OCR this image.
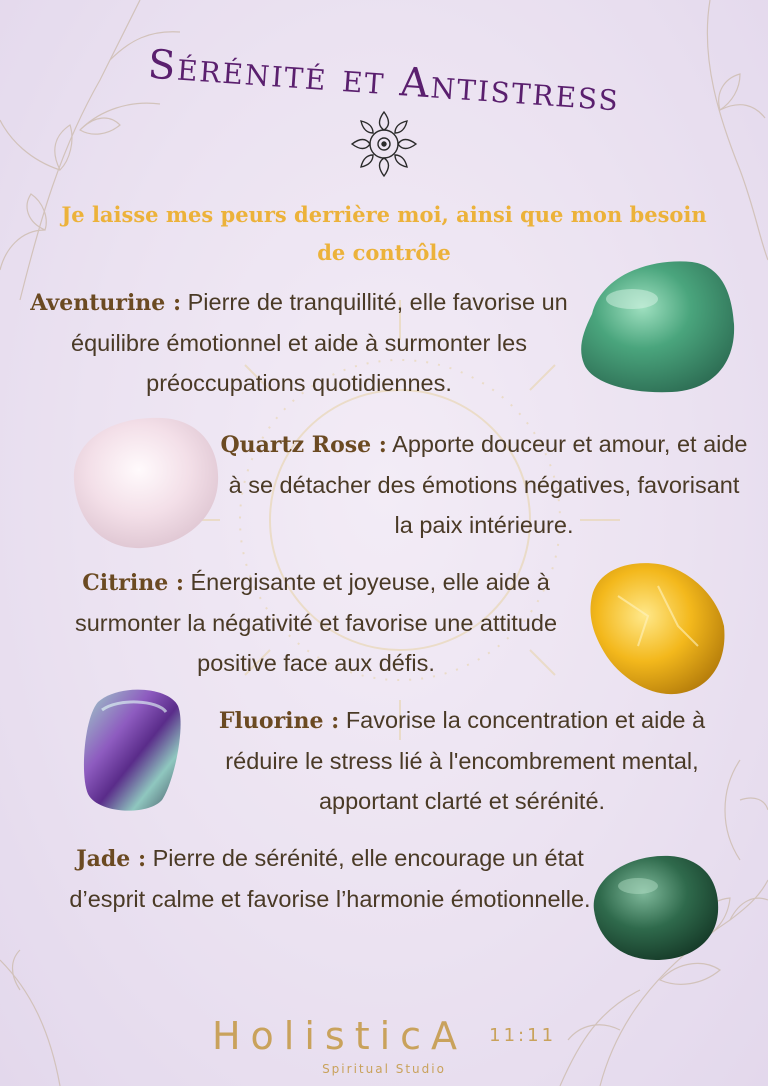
Sérénité et Antistress
Je laisse mes peurs derrière moi, ainsi que mon besoin de contrôle
Aventurine : Pierre de tranquillité, elle favorise un équilibre émotionnel et aide à surmonter les préoccupations quotidiennes.
Quartz Rose : Apporte douceur et amour, et aide à se détacher des émotions négatives, favorisant la paix intérieure.
Citrine : Énergisante et joyeuse, elle aide à surmonter la négativité et favorise une attitude positive face aux défis.
Fluorine : Favorise la concentration et aide à réduire le stress lié à l'encombrement mental, apportant clarté et sérénité.
Jade : Pierre de sérénité, elle encourage un état d’esprit calme et favorise l’harmonie émotionnelle.
HolisticA $^{11:11}$
Spiritual Studio
